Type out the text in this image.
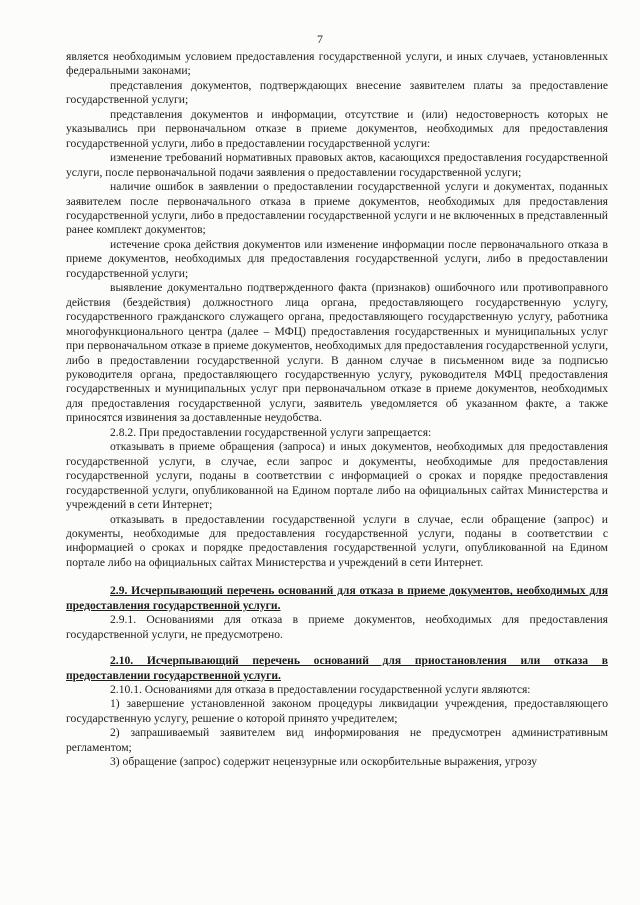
7

является необходимым условием предоставления государственной услуги, и иных случаев, установленных федеральными законами;

представления документов, подтверждающих внесение заявителем платы за предоставление государственной услуги;

представления документов и информации, отсутствие и (или) недостоверность которых не указывались при первоначальном отказе в приеме документов, необходимых для предоставления государственной услуги, либо в предоставлении государственной услуги:

изменение требований нормативных правовых актов, касающихся предоставления государственной услуги, после первоначальной подачи заявления о предоставлении государственной услуги;

наличие ошибок в заявлении о предоставлении государственной услуги и документах, поданных заявителем после первоначального отказа в приеме документов, необходимых для предоставления государственной услуги, либо в предоставлении государственной услуги и не включенных в представленный ранее комплект документов;

истечение срока действия документов или изменение информации после первоначального отказа в приеме документов, необходимых для предоставления государственной услуги, либо в предоставлении государственной услуги;

выявление документально подтвержденного факта (признаков) ошибочного или противоправного действия (бездействия) должностного лица органа, предоставляющего государственную услугу, государственного гражданского служащего органа, предоставляющего государственную услугу, работника многофункционального центра (далее – МФЦ) предоставления государственных и муниципальных услуг при первоначальном отказе в приеме документов, необходимых для предоставления государственной услуги, либо в предоставлении государственной услуги. В данном случае в письменном виде за подписью руководителя органа, предоставляющего государственную услугу, руководителя МФЦ предоставления государственных и муниципальных услуг при первоначальном отказе в приеме документов, необходимых для предоставления государственной услуги, заявитель уведомляется об указанном факте, а также приносятся извинения за доставленные неудобства.

2.8.2. При предоставлении государственной услуги запрещается:

отказывать в приеме обращения (запроса) и иных документов, необходимых для предоставления государственной услуги, в случае, если запрос и документы, необходимые для предоставления государственной услуги, поданы в соответствии с информацией о сроках и порядке предоставления государственной услуги, опубликованной на Едином портале либо на официальных сайтах Министерства и учреждений в сети Интернет;

отказывать в предоставлении государственной услуги в случае, если обращение (запрос) и документы, необходимые для предоставления государственной услуги, поданы в соответствии с информацией о сроках и порядке предоставления государственной услуги, опубликованной на Едином портале либо на официальных сайтах Министерства и учреждений в сети Интернет.

2.9. Исчерпывающий перечень оснований для отказа в приеме документов, необходимых для предоставления государственной услуги.

2.9.1. Основаниями для отказа в приеме документов, необходимых для предоставления государственной услуги, не предусмотрено.

2.10. Исчерпывающий перечень оснований для приостановления или отказа в предоставлении государственной услуги.

2.10.1. Основаниями для отказа в предоставлении государственной услуги являются:

1) завершение установленной законом процедуры ликвидации учреждения, предоставляющего государственную услугу, решение о которой принято учредителем;

2) запрашиваемый заявителем вид информирования не предусмотрен административным регламентом;

3) обращение (запрос) содержит нецензурные или оскорбительные выражения, угрозу
